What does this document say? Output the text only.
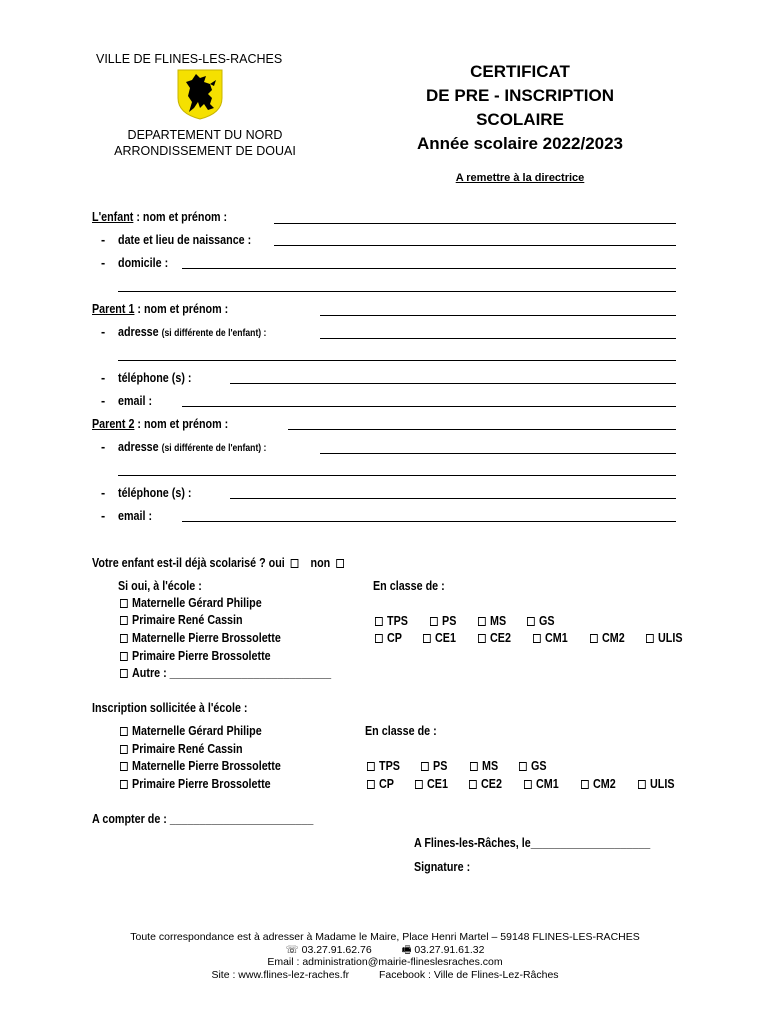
VILLE DE FLINES-LES-RACHES
DEPARTEMENT DU NORD
ARRONDISSEMENT DE DOUAI
CERTIFICAT
DE PRE - INSCRIPTION
SCOLAIRE
Année scolaire 2022/2023
A remettre à la directrice
L'enfant : nom et prénom :
- date et lieu de naissance :
- domicile :
Parent 1 : nom et prénom :
- adresse (si différente de l'enfant) :
- téléphone (s) :
- email :
Parent 2 : nom et prénom :
- adresse (si différente de l'enfant) :
- téléphone (s) :
- email :
Votre enfant est-il déjà scolarisé ? oui non
Si oui, à l'école :	En classe de :
Maternelle Gérard Philipe
Primaire René Cassin
Maternelle Pierre Brossolette
Primaire Pierre Brossolette
Autre : ___________________________
TPS	PS	MS	GS
CP	CE1	CE2	CM1	CM2	ULIS
Inscription sollicitée à l'école :
En classe de :
Maternelle Gérard Philipe
Primaire René Cassin
Maternelle Pierre Brossolette
Primaire Pierre Brossolette
TPS	PS	MS	GS
CP	CE1	CE2	CM1	CM2	ULIS
A compter de : ________________________
A Flines-les-Râches, le____________________
Signature :
Toute correspondance est à adresser à Madame le Maire, Place Henri Martel – 59148 FLINES-LES-RACHES
☏ 03.27.91.62.76	🖷 03.27.91.61.32
Email : administration@mairie-flineslesraches.com
Site : www.flines-lez-raches.fr	Facebook : Ville de Flines-Lez-Râches
